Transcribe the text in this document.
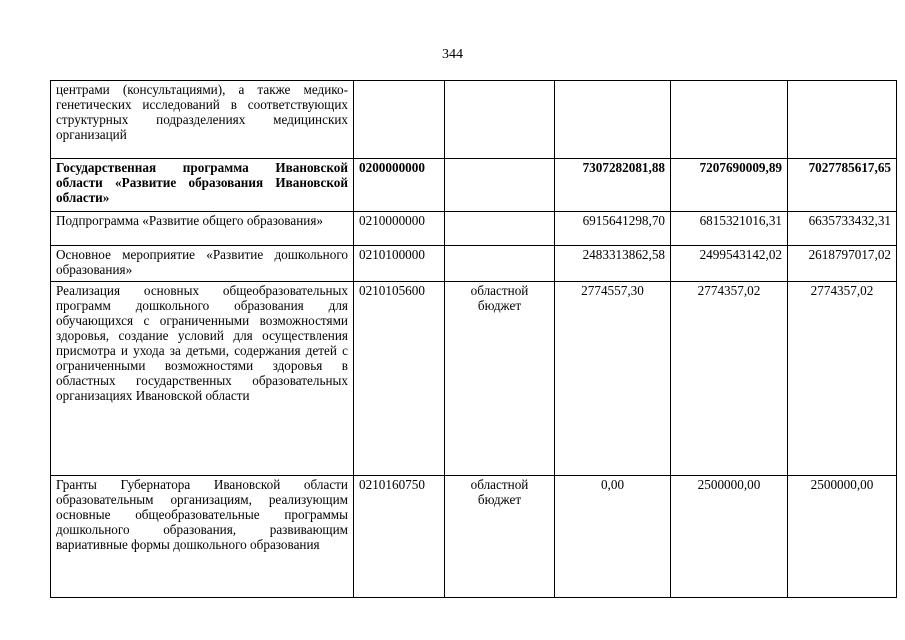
344
центрами (консультациями), а также медико-генетических исследований в соответствующих структурных подразделениях медицинских организаций					
Государственная программа Ивановской области «Развитие образования Ивановской области»	0200000000		7307282081,88	7207690009,89	7027785617,65
Подпрограмма «Развитие общего образования»	0210000000		6915641298,70	6815321016,31	6635733432,31
Основное мероприятие «Развитие дошкольного образования»	0210100000		2483313862,58	2499543142,02	2618797017,02
Реализация основных общеобразовательных программ дошкольного образования для обучающихся с ограниченными возможностями здоровья, создание условий для осуществления присмотра и ухода за детьми, содержания детей с ограниченными возможностями здоровья в областных государственных образовательных организациях Ивановской области	0210105600	областной бюджет	2774557,30	2774357,02	2774357,02
Гранты Губернатора Ивановской области образовательным организациям, реализующим основные общеобразовательные программы дошкольного образования, развивающим вариативные формы дошкольного образования	0210160750	областной бюджет	0,00	2500000,00	2500000,00
